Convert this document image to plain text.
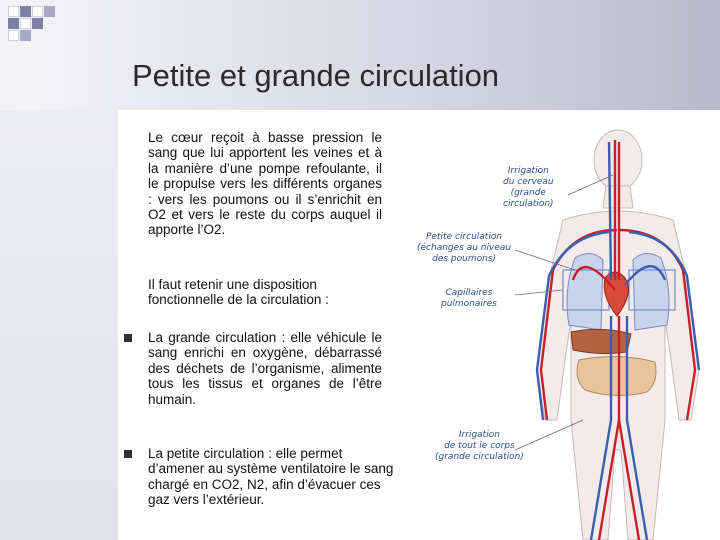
Petite et grande circulation

Le cœur reçoit à basse pression le sang que lui apportent les veines et à la manière d’une pompe refoulante, il le propulse vers les différents organes : vers les poumons ou il s’enrichit en O2 et vers le reste du corps auquel il apporte l’O2.

Il faut retenir une disposition fonctionnelle de la circulation :

La grande circulation : elle véhicule le sang enrichi en oxygène, débarrassé des déchets de l’organisme, alimente tous les tissus et organes de l’être humain.

La petite circulation : elle permet d’amener au système ventilatoire le sang chargé en CO2, N2, afin d’évacuer ces gaz vers l’extérieur.

Irrigation
du cerveau
(grande
circulation)
Petite circulation
(échanges au niveau
des poumons)
Capillaires
pulmonaires
Irrigation
de tout le corps
(grande circulation)
